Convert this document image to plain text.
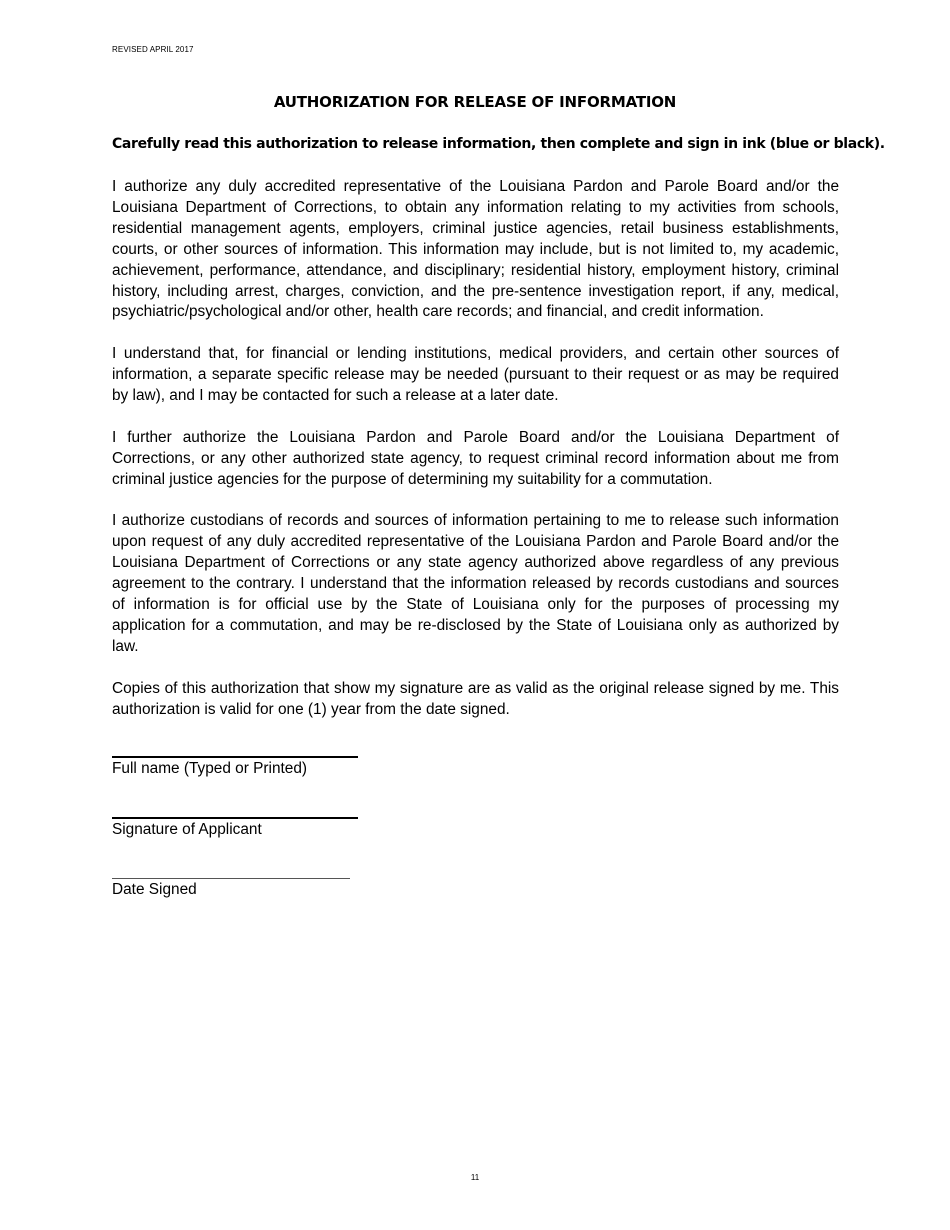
REVISED APRIL 2017
AUTHORIZATION FOR RELEASE OF INFORMATION
Carefully read this authorization to release information, then complete and sign in ink (blue or black).

I authorize any duly accredited representative of the Louisiana Pardon and Parole Board and/or the Louisiana Department of Corrections, to obtain any information relating to my activities from schools, residential management agents, employers, criminal justice agencies, retail business establishments, courts, or other sources of information. This information may include, but is not limited to, my academic, achievement, performance, attendance, and disciplinary; residential history, employment history, criminal history, including arrest, charges, conviction, and the pre-sentence investigation report, if any, medical, psychiatric/psychological and/or other, health care records; and financial, and credit information.

I understand that, for financial or lending institutions, medical providers, and certain other sources of information, a separate specific release may be needed (pursuant to their request or as may be required by law), and I may be contacted for such a release at a later date.

I further authorize the Louisiana Pardon and Parole Board and/or the Louisiana Department of Corrections, or any other authorized state agency, to request criminal record information about me from criminal justice agencies for the purpose of determining my suitability for a commutation.

I authorize custodians of records and sources of information pertaining to me to release such information upon request of any duly accredited representative of the Louisiana Pardon and Parole Board and/or the Louisiana Department of Corrections or any state agency authorized above regardless of any previous agreement to the contrary. I understand that the information released by records custodians and sources of information is for official use by the State of Louisiana only for the purposes of processing my application for a commutation, and may be re-disclosed by the State of Louisiana only as authorized by law.

Copies of this authorization that show my signature are as valid as the original release signed by me. This authorization is valid for one (1) year from the date signed.

Full name (Typed or Printed)
Signature of Applicant
Date Signed
11
